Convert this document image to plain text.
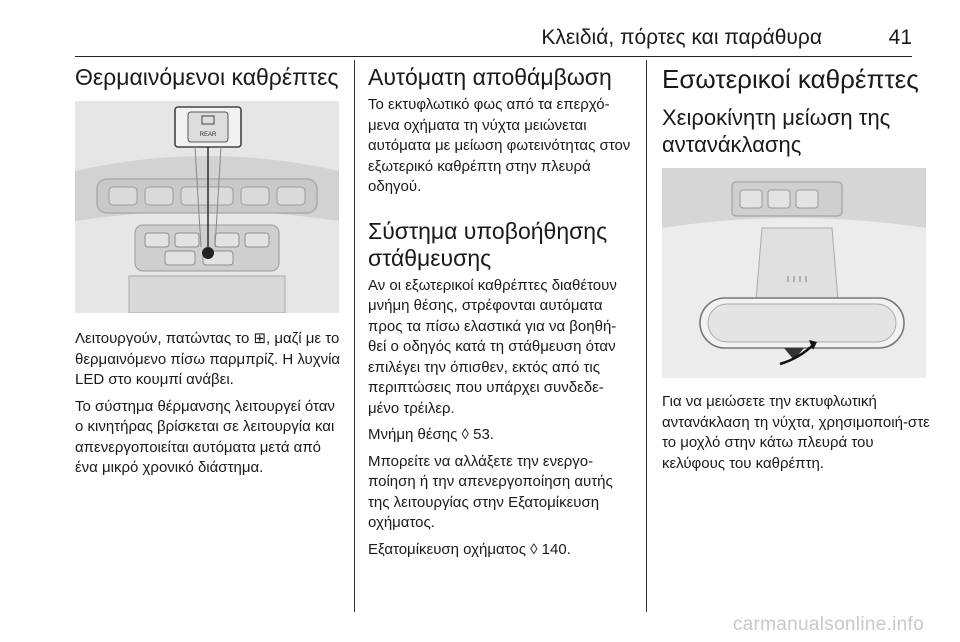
Κλειδιά, πόρτες και παράθυρα	41
Θερμαινόμενοι καθρέπτες
REAR

Λειτουργούν, πατώντας το ⊞, μαζί με το θερμαινόμενο πίσω παρμπρίζ. Η λυχνία LED στο κουμπί ανάβει.

Το σύστημα θέρμανσης λειτουργεί όταν ο κινητήρας βρίσκεται σε λειτουργία και απενεργοποιείται αυτόματα μετά από ένα μικρό χρονικό διάστημα.

Αυτόματη αποθάμβωση

Το εκτυφλωτικό φως από τα επερχό-μενα οχήματα τη νύχτα μειώνεται αυτόματα με μείωση φωτεινότητας στον εξωτερικό καθρέπτη στην πλευρά οδηγού.

Σύστημα υποβοήθησης στάθμευσης

Αν οι εξωτερικοί καθρέπτες διαθέτουν μνήμη θέσης, στρέφονται αυτόματα προς τα πίσω ελαστικά για να βοηθή-θεί ο οδηγός κατά τη στάθμευση όταν επιλέγει την όπισθεν, εκτός από τις περιπτώσεις που υπάρχει συνδεδε-μένο τρέιλερ.

Μνήμη θέσης ◊ 53.

Μπορείτε να αλλάξετε την ενεργο-ποίηση ή την απενεργοποίηση αυτής της λειτουργίας στην Εξατομίκευση οχήματος.

Εξατομίκευση οχήματος ◊ 140.

Εσωτερικοί καθρέπτες
Χειροκίνητη μείωση της αντανάκλασης

Για να μειώσετε την εκτυφλωτική αντανάκλαση τη νύχτα, χρησιμοποιή-στε το μοχλό στην κάτω πλευρά του κελύφους του καθρέπτη.

carmanualsonline.info
